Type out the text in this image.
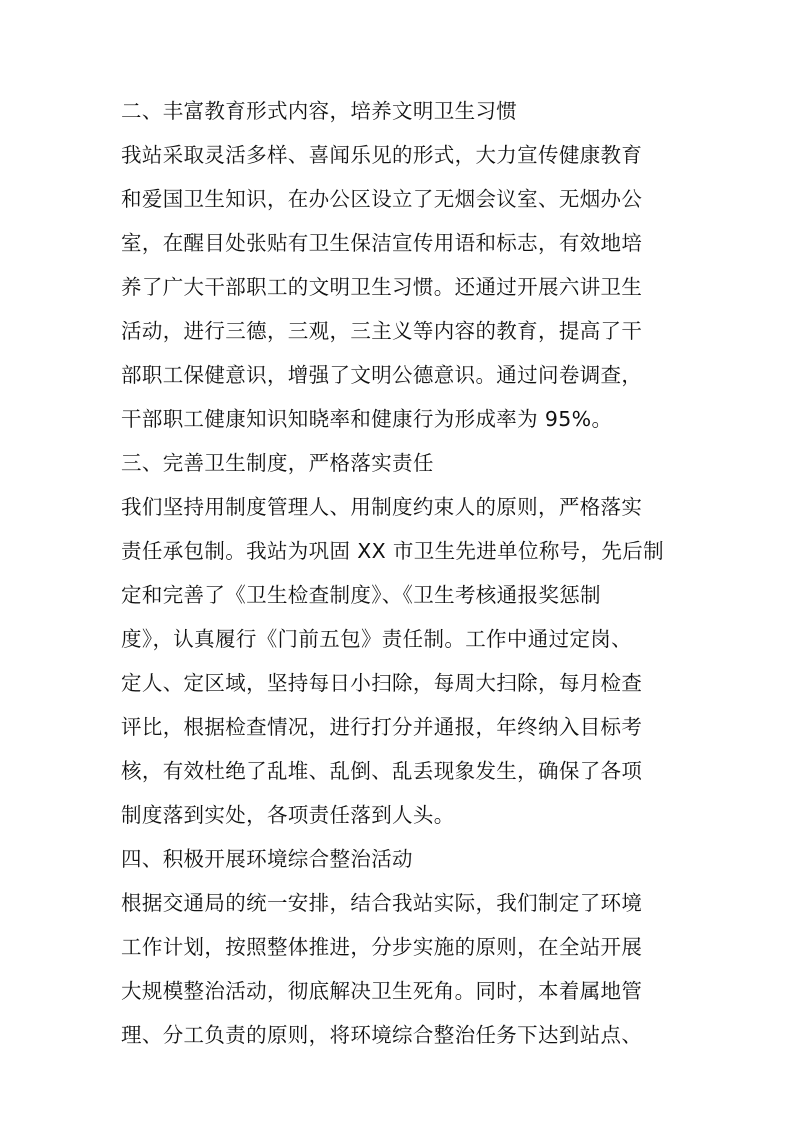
二、丰富教育形式内容，培养文明卫生习惯
我站采取灵活多样、喜闻乐见的形式，大力宣传健康教育
和爱国卫生知识，在办公区设立了无烟会议室、无烟办公
室，在醒目处张贴有卫生保洁宣传用语和标志，有效地培
养了广大干部职工的文明卫生习惯。还通过开展六讲卫生
活动，进行三德，三观，三主义等内容的教育，提高了干
部职工保健意识，增强了文明公德意识。通过问卷调查，
干部职工健康知识知晓率和健康行为形成率为 95%。
三、完善卫生制度，严格落实责任
我们坚持用制度管理人、用制度约束人的原则，严格落实
责任承包制。我站为巩固 XX 市卫生先进单位称号，先后制
定和完善了《卫生检查制度》、《卫生考核通报奖惩制
度》，认真履行《门前五包》责任制。工作中通过定岗、
定人、定区域，坚持每日小扫除，每周大扫除，每月检查
评比，根据检查情况，进行打分并通报，年终纳入目标考
核，有效杜绝了乱堆、乱倒、乱丢现象发生，确保了各项
制度落到实处，各项责任落到人头。
四、积极开展环境综合整治活动
根据交通局的统一安排，结合我站实际，我们制定了环境
工作计划，按照整体推进，分步实施的原则，在全站开展
大规模整治活动，彻底解决卫生死角。同时，本着属地管
理、分工负责的原则，将环境综合整治任务下达到站点、
